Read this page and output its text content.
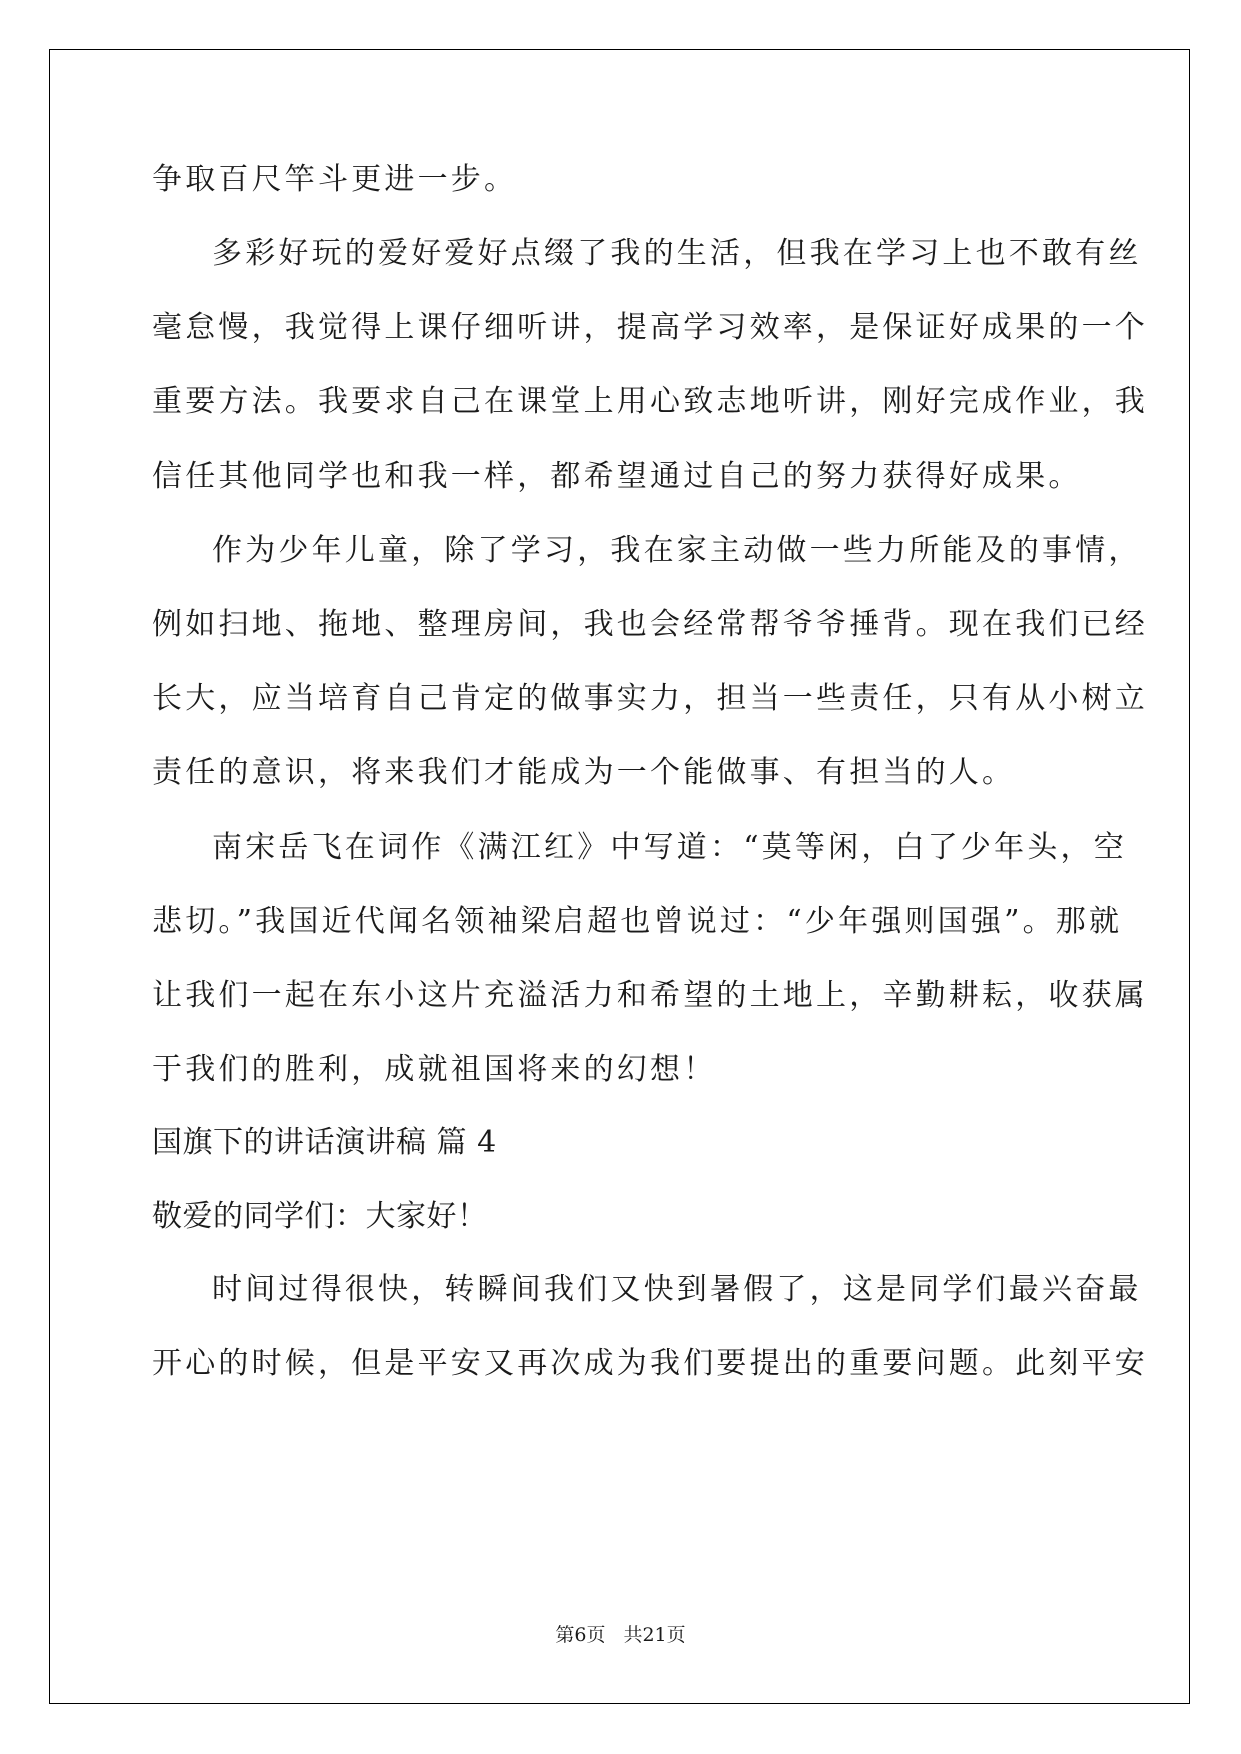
争取百尺竿斗更进一步。
多彩好玩的爱好爱好点缀了我的生活，但我在学习上也不敢有丝
毫怠慢，我觉得上课仔细听讲，提高学习效率，是保证好成果的一个
重要方法。我要求自己在课堂上用心致志地听讲，刚好完成作业，我
信任其他同学也和我一样，都希望通过自己的努力获得好成果。
作为少年儿童，除了学习，我在家主动做一些力所能及的事情，
例如扫地、拖地、整理房间，我也会经常帮爷爷捶背。现在我们已经
长大，应当培育自己肯定的做事实力，担当一些责任，只有从小树立
责任的意识，将来我们才能成为一个能做事、有担当的人。
南宋岳飞在词作《满江红》中写道：“莫等闲，白了少年头，空
悲切。”我国近代闻名领袖梁启超也曾说过：“少年强则国强”。那就
让我们一起在东小这片充溢活力和希望的土地上，辛勤耕耘，收获属
于我们的胜利，成就祖国将来的幻想！
国旗下的讲话演讲稿 篇 4
敬爱的同学们：大家好！
时间过得很快，转瞬间我们又快到暑假了，这是同学们最兴奋最
开心的时候，但是平安又再次成为我们要提出的重要问题。此刻平安
第6页 共21页
